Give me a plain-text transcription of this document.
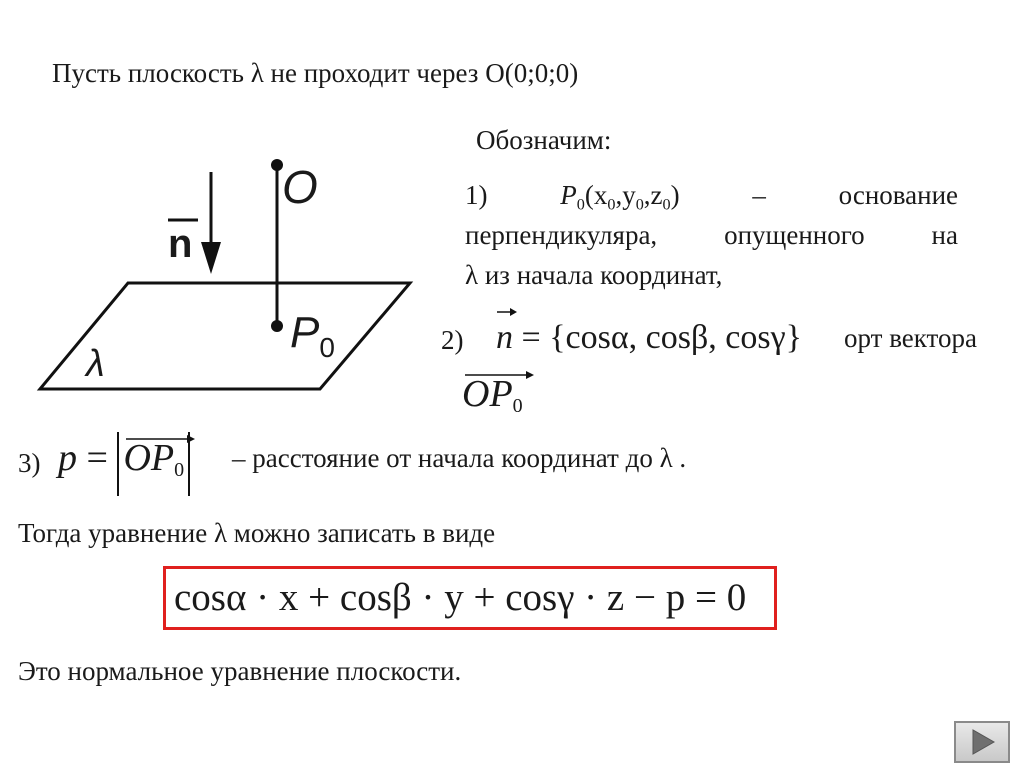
Пусть плоскость λ не проходит через O(0;0;0)
O
$P_0$
n
λ
Обозначим:
1)	$P_0(x_0,y_0,z_0)$	–	основание
перпендикуляра, опущенного на
λ из начала координат,
2) n = {cosα, cosβ, cosγ} орт вектора
OP0
3) p = OP0 – расстояние от начала координат до λ .
Тогда уравнение λ можно записать в виде
cosα · x + cosβ · y + cosγ · z − p = 0
Это нормальное уравнение плоскости.
